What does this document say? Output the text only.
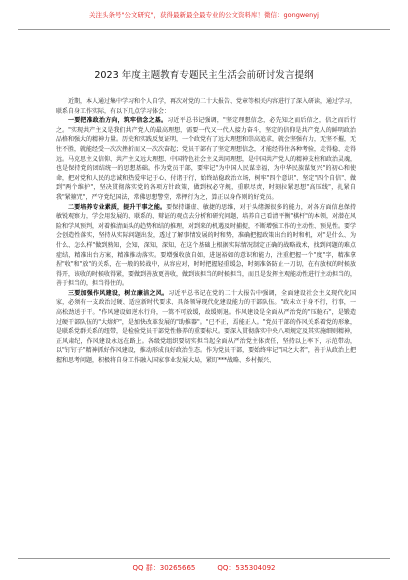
关注头条号"公文研究"，获得最新最全最专业的公文资料库！微信：gongwenyj
2023 年度主题教育专题民主生活会前研讨发言提纲

近期，本人通过集中学习和个人自学，再次对党的二十大报告、党章等相关内容进行了深入研读，通过学习，联系自身工作实际，有以下几点学习体会：

一要把准政治方向，筑牢信念之基。习近平总书记强调，"坚定理想信念，必先知之而后信之，信之而后行之。"实现共产主义是我们共产党人的最高理想，需要一代又一代人接力奋斗，坚定的信仰是共产党人的鲜明政治品格和强大的精神力量。历史和实践反复证明，一个政党有了远大理想和崇高追求，就会坚强有力，无坚不摧，无往不胜，就能经受一次次挫折而又一次次奋起；党员干部有了坚定理想信念，才能经得住各种考验，走得稳、走得远。马克思主义信仰、共产主义远大理想、中国特色社会主义共同理想，是中国共产党人的精神支柱和政治灵魂，也是保持党的团结统一的思想基础。作为党员干部，要牢记"为中国人民谋幸福，为中华民族谋复兴"的初心和使命，把对党和人民的忠诚和热爱牢记于心、付诸于行，始终站稳政治立场，树牢"四个意识"、坚定"四个自信"、做到"两个维护"，坚决贯彻落实党的各项方针政策，做到权必守规，重职尽责，时刻拉紧思想"高压线"，扎紧自我"紧箍咒"，严守党纪国法，常佛思想警堂，常押行为之，算正以身作则的好党员。

二要培养专业素质，提升干事之能。要保持谦虚、敏捷的思维，对于头绪源很多的能力，对各方面信息保持敏锐观察力，学会用发展的、联系的、辩证的观点去分析和研究问题，培养自己看清平衡"棋杆"的本领，对潜在风险和学风预判，对着推清面头的趋势和结的推理，对到来的机遇及时捕捉，不断增强工作的主动性、预见性。要学会创造性落实，坚持从实际问题出发，透过了解事情发展的时和势，准确把握政策出台的时和机，对"是什么、为什么、怎么样"做到熟知，会知，深知，深知，在这个基础上根据实际情况制定正确的战略战术，找到问题的难点症结，精准出台方案，精准推动落实。要增强收放自如，进退裕如的意识和能力，注重把握一个"度"字，精准拿捏"收"和"放"的关系，在一般的转战中，从容应对，时时把握轻重缓急，时刻准备防止一刀切，在有放权的时候放得开，该收的时候收得紧，要做到善放更善收，做到该担当的时候担当，而且是发挥主观能动性进行主动担当的，善于担当的，担当得住的。

三要加强作风建设，树立廉洁之风。习近平总书记在党的二十大报告中强调，全面建设社会主义现代化国家，必须有一支政治过硬、适应新时代要求、具备领导现代化建设能力的干部队伍。"政未立于身不行，行事，一高松劲送于干。"作风建设如逆水行舟，一篙不可放缓，故缓则退。作风建设是全面从严治党的"压舱石"，是锻造过硬干部队伍的"大熔炉"，是加快改革发展的"助推器"。"已不正，焉能正人。"党员干部的作风关系着党的形象，是联系党群关系的纽带，是检验党员干部党性修养的重要标尺。要深入贯彻落实中央八项规定及其实施细则精神，正风肃纪，作风建设永远在路上。各级党组织要切实担当起全面从严治党主体责任，坚持以上率下，示范带动，以"钉钉子"精神抓好作风建设，推动形成良好政治生态。作为党员干部，要始终牢记"国之大者"，善于从政治上把握和思考问题，积极将自身工作融入国家事业发展大局，紧盯***战略、乡村振兴、

QQ 群：30265665	QQ：535304092
